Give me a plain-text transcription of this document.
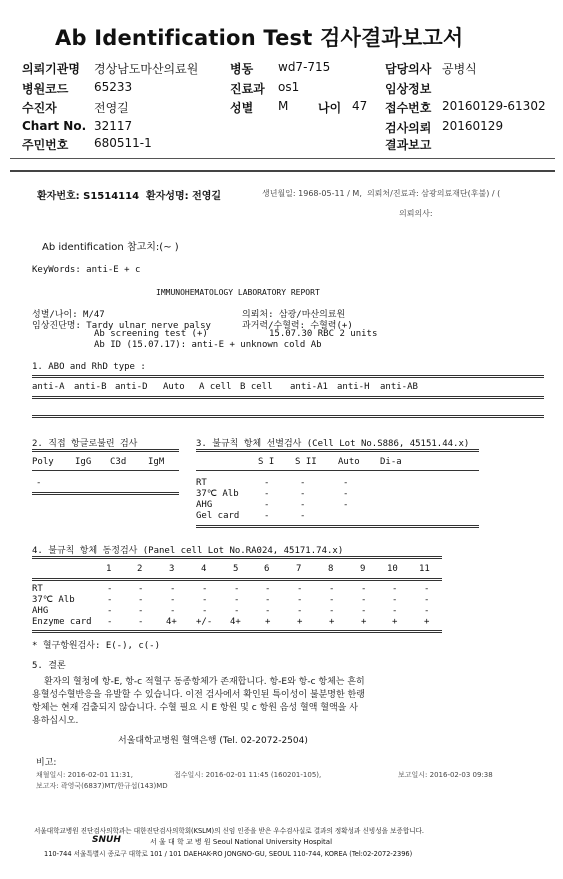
Ab Identification Test 검사결과보고서
의뢰기관명 경상남도마산의료원	병동 wd7-715	담당의사 공병식
병원코드 65233	진료과 os1	임상정보
수진자	전영길	성별 M 나이 47 접수번호 20160129-61302
Chart No. 32117	검사의뢰 20160129
주민번호 680511-1	결과보고
환자번호: S1514114  환자성명: 전영길	생년월일: 1968-05-11 / M,  의뢰처/진료과: 삼광의료재단(후불) / (
의뢰의사:
Ab identification 참고치:(~ )
KeyWords: anti-E + c
IMMUNOHEMATOLOGY LABORATORY REPORT
성별/나이: M/47	의뢰처: 삼광/마산의료원
임상진단명: Tardy ulnar nerve palsy	과거력/수혈력: 수혈력(+)
Ab screening test (+)	15.07.30 RBC 2 units
Ab ID (15.07.17): anti-E + unknown cold Ab
1. ABO and RhD type :
anti-A anti-B anti-D Auto A cell B cell anti-A1 anti-H anti-AB
2. 직접 항글로불린 검사
Poly IgG C3d IgM
-
3. 불규칙 항체 선별검사 (Cell Lot No.S886, 45151.44.x)
S I S II Auto Di-a
RT	-	-	-
37℃ Alb	-	-	-
AHG	-	-	-
Gel card	-	-
4. 불규칙 항체 동정검사 (Panel cell Lot No.RA024, 45171.74.x)
1	2	3	4	5	6	7	8	9 10 11
RT	-	-	-	-	-	-	-	-	-	-	-
37℃ Alb	-	-	-	-	-	-	-	-	-	-	-
AHG	-	-	-	-	-	-	-	-	-	-	-
Enzyme card -	-	4+ +/- 4+	+	+	+	+	+	+
* 혈구항원검사: E(-), c(-)
5. 결론
환자의 혈청에 항-E, 항-c 적혈구 동종항체가 존재합니다. 항-E와 항-c 항체는 흔히
용혈성수혈반응을 유발할 수 있습니다. 이전 검사에서 확인된 특이성이 불분명한 한랭
항체는 현재 검출되지 않습니다. 수혈 필요 시 E 항원 및 c 항원 음성 혈액 혈액을 사
용하십시오.
서울대학교병원 혈액은행 (Tel. 02-2072-2504)
비고:
채혈일시: 2016-02-01 11:31,	접수일시: 2016-02-01 11:45 (160201-105),	보고일시: 2016-02-03 09:38
보고자: 곽영국(6837)MT/한규섭(143)MD
서울대학교병원 진단검사의학과는 대한진단검사의학회(KSLM)의 신임 인증을 받은 우수검사실로 결과의 정확성과 신빙성을 보증합니다.
SNUH	서 울 대 학 교 병 원 Seoul National University Hospital
110-744 서울특별시 종로구 대학로 101 / 101 DAEHAK-RO JONGNO-GU, SEOUL 110-744, KOREA (Tel:02-2072-2396)
